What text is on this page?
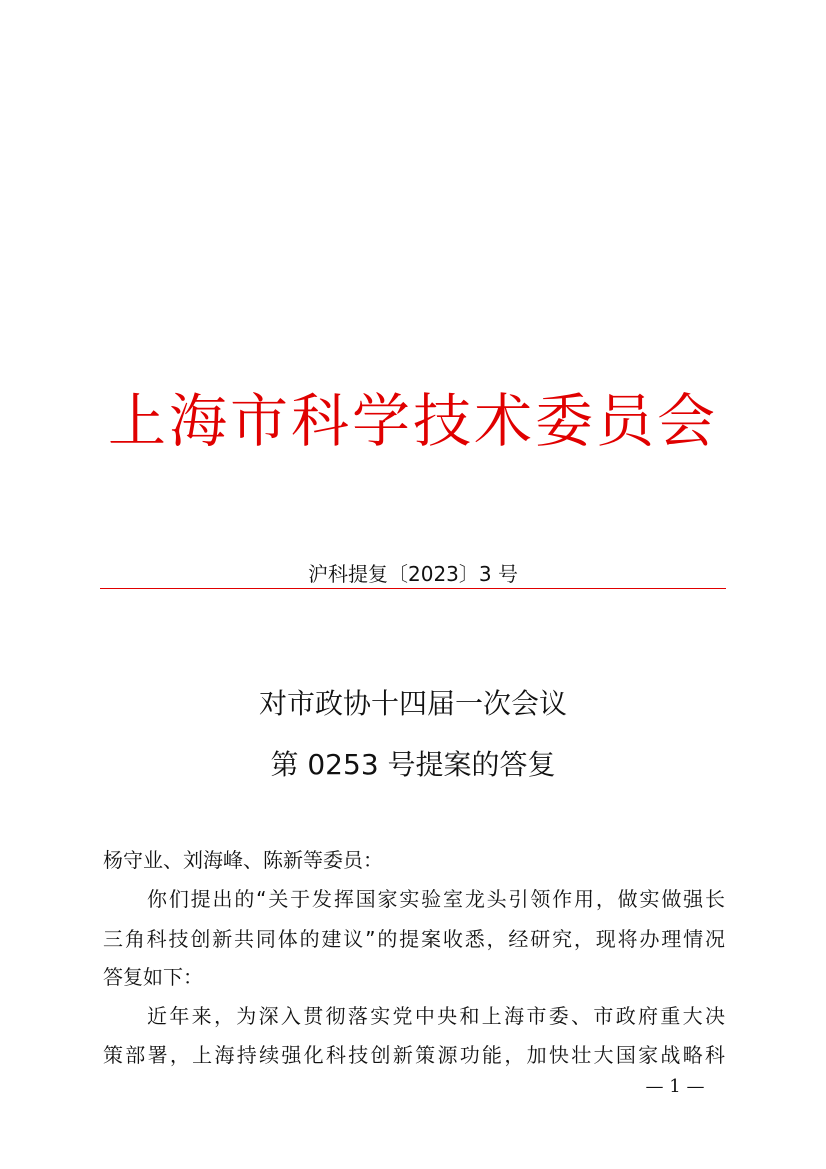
上海市科学技术委员会
沪科提复〔2023〕3 号
对市政协十四届一次会议
第 0253 号提案的答复
杨守业、刘海峰、陈新等委员：
你们提出的“关于发挥国家实验室龙头引领作用，做实做强长
三角科技创新共同体的建议”的提案收悉，经研究，现将办理情况
答复如下：
近年来，为深入贯彻落实党中央和上海市委、市政府重大决
策部署，上海持续强化科技创新策源功能，加快壮大国家战略科
— 1 —
